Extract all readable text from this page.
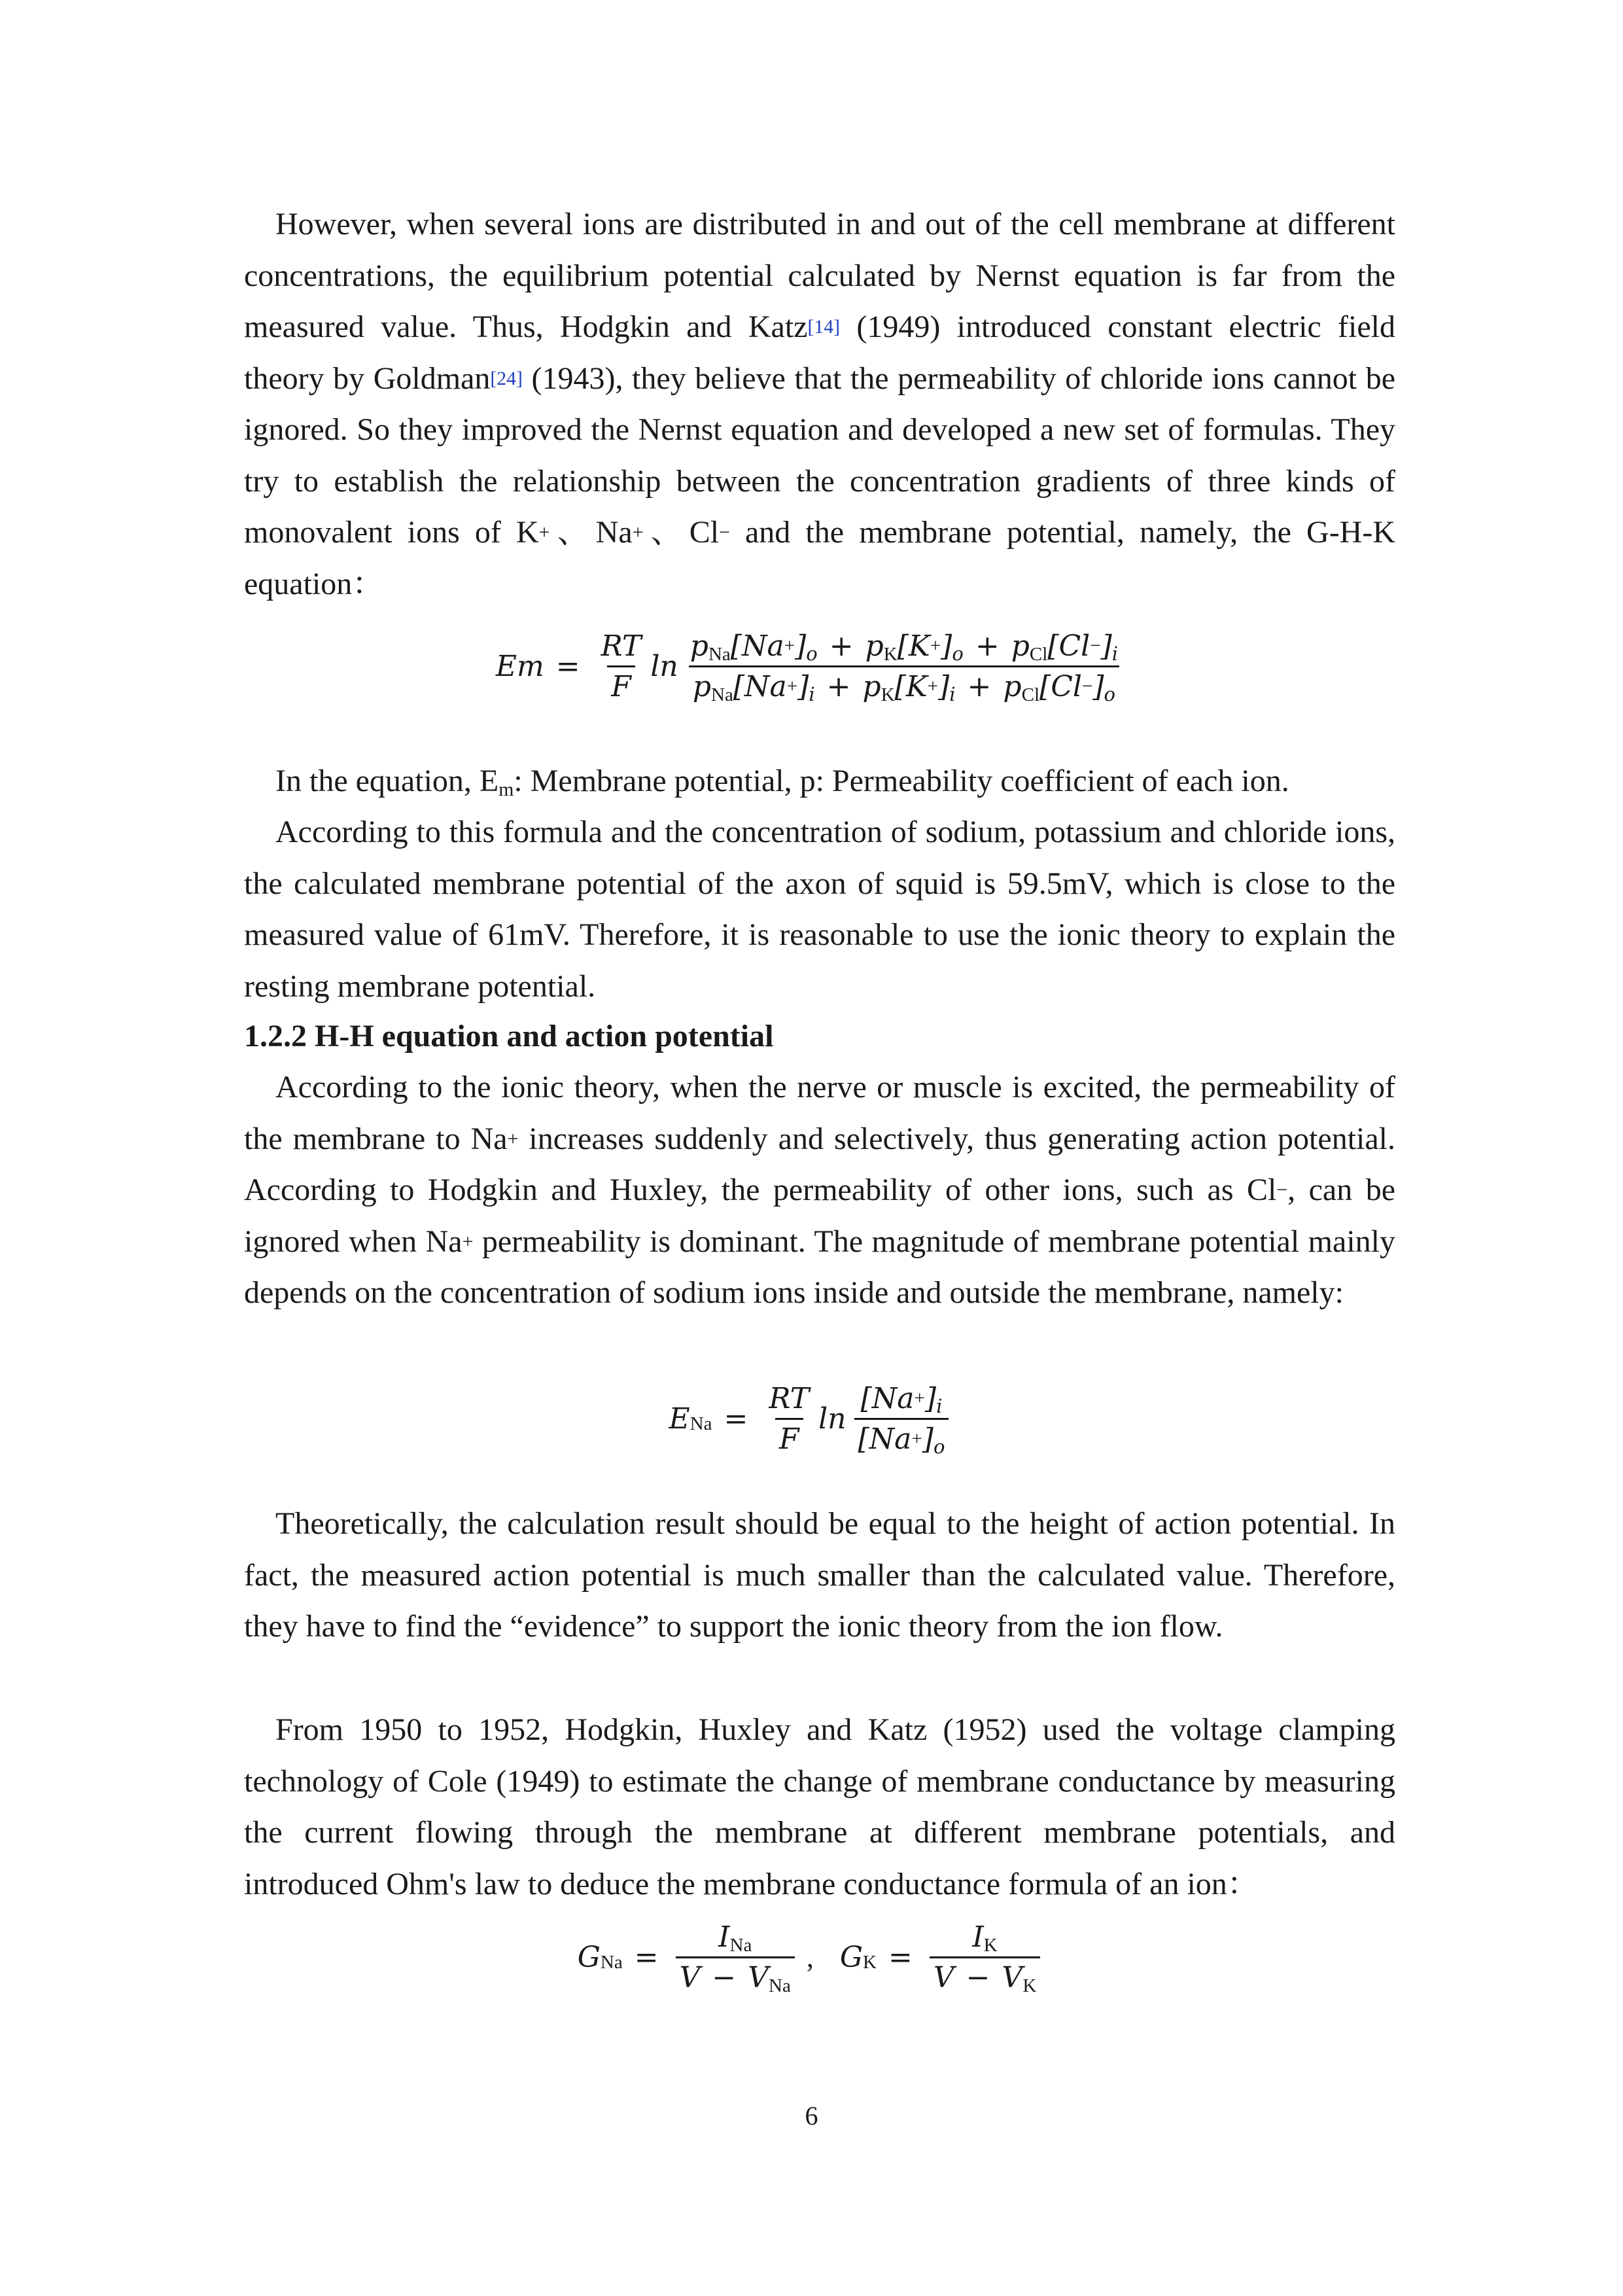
However, when several ions are distributed in and out of the cell membrane at different concentrations, the equilibrium potential calculated by Nernst equation is far from the measured value. Thus, Hodgkin and Katz[14] (1949) introduced constant electric field theory by Goldman[24] (1943), they believe that the permeability of chloride ions cannot be ignored. So they improved the Nernst equation and developed a new set of formulas. They try to establish the relationship between the concentration gradients of three kinds of monovalent ions of K+、Na+、Cl− and the membrane potential, namely, the G-H-K equation：

$Em = \frac{RT}{F}$ $\ln \frac{p_{Na}[Na^+]_o + p_K[K^+]_o + p_{Cl}[Cl^-]_i}{p_{Na}[Na^+]_i + p_K[K^+]_i + p_{Cl}[Cl^-]_o}$

In the equation, $E_m$: Membrane potential, p: Permeability coefficient of each ion.

According to this formula and the concentration of sodium, potassium and chloride ions, the calculated membrane potential of the axon of squid is 59.5mV, which is close to the measured value of 61mV. Therefore, it is reasonable to use the ionic theory to explain the resting membrane potential.

1.2.2 H-H equation and action potential

According to the ionic theory, when the nerve or muscle is excited, the permeability of the membrane to Na+ increases suddenly and selectively, thus generating action potential. According to Hodgkin and Huxley, the permeability of other ions, such as Cl−, can be ignored when Na+ permeability is dominant. The magnitude of membrane potential mainly depends on the concentration of sodium ions inside and outside the membrane, namely:

$E_{Na} = \frac{RT}{F}$ $\ln \frac{[Na^+]_i}{[Na^+]_o}$

Theoretically, the calculation result should be equal to the height of action potential. In fact, the measured action potential is much smaller than the calculated value. Therefore, they have to find the “evidence” to support the ionic theory from the ion flow.

From 1950 to 1952, Hodgkin, Huxley and Katz (1952) used the voltage clamping technology of Cole (1949) to estimate the change of membrane conductance by measuring the current flowing through the membrane at different membrane potentials, and introduced Ohm's law to deduce the membrane conductance formula of an ion：

$G_{Na} = \frac{I_{Na}}{V - V_{Na}}$ , $G_K = \frac{I_K}{V - V_K}$
6
